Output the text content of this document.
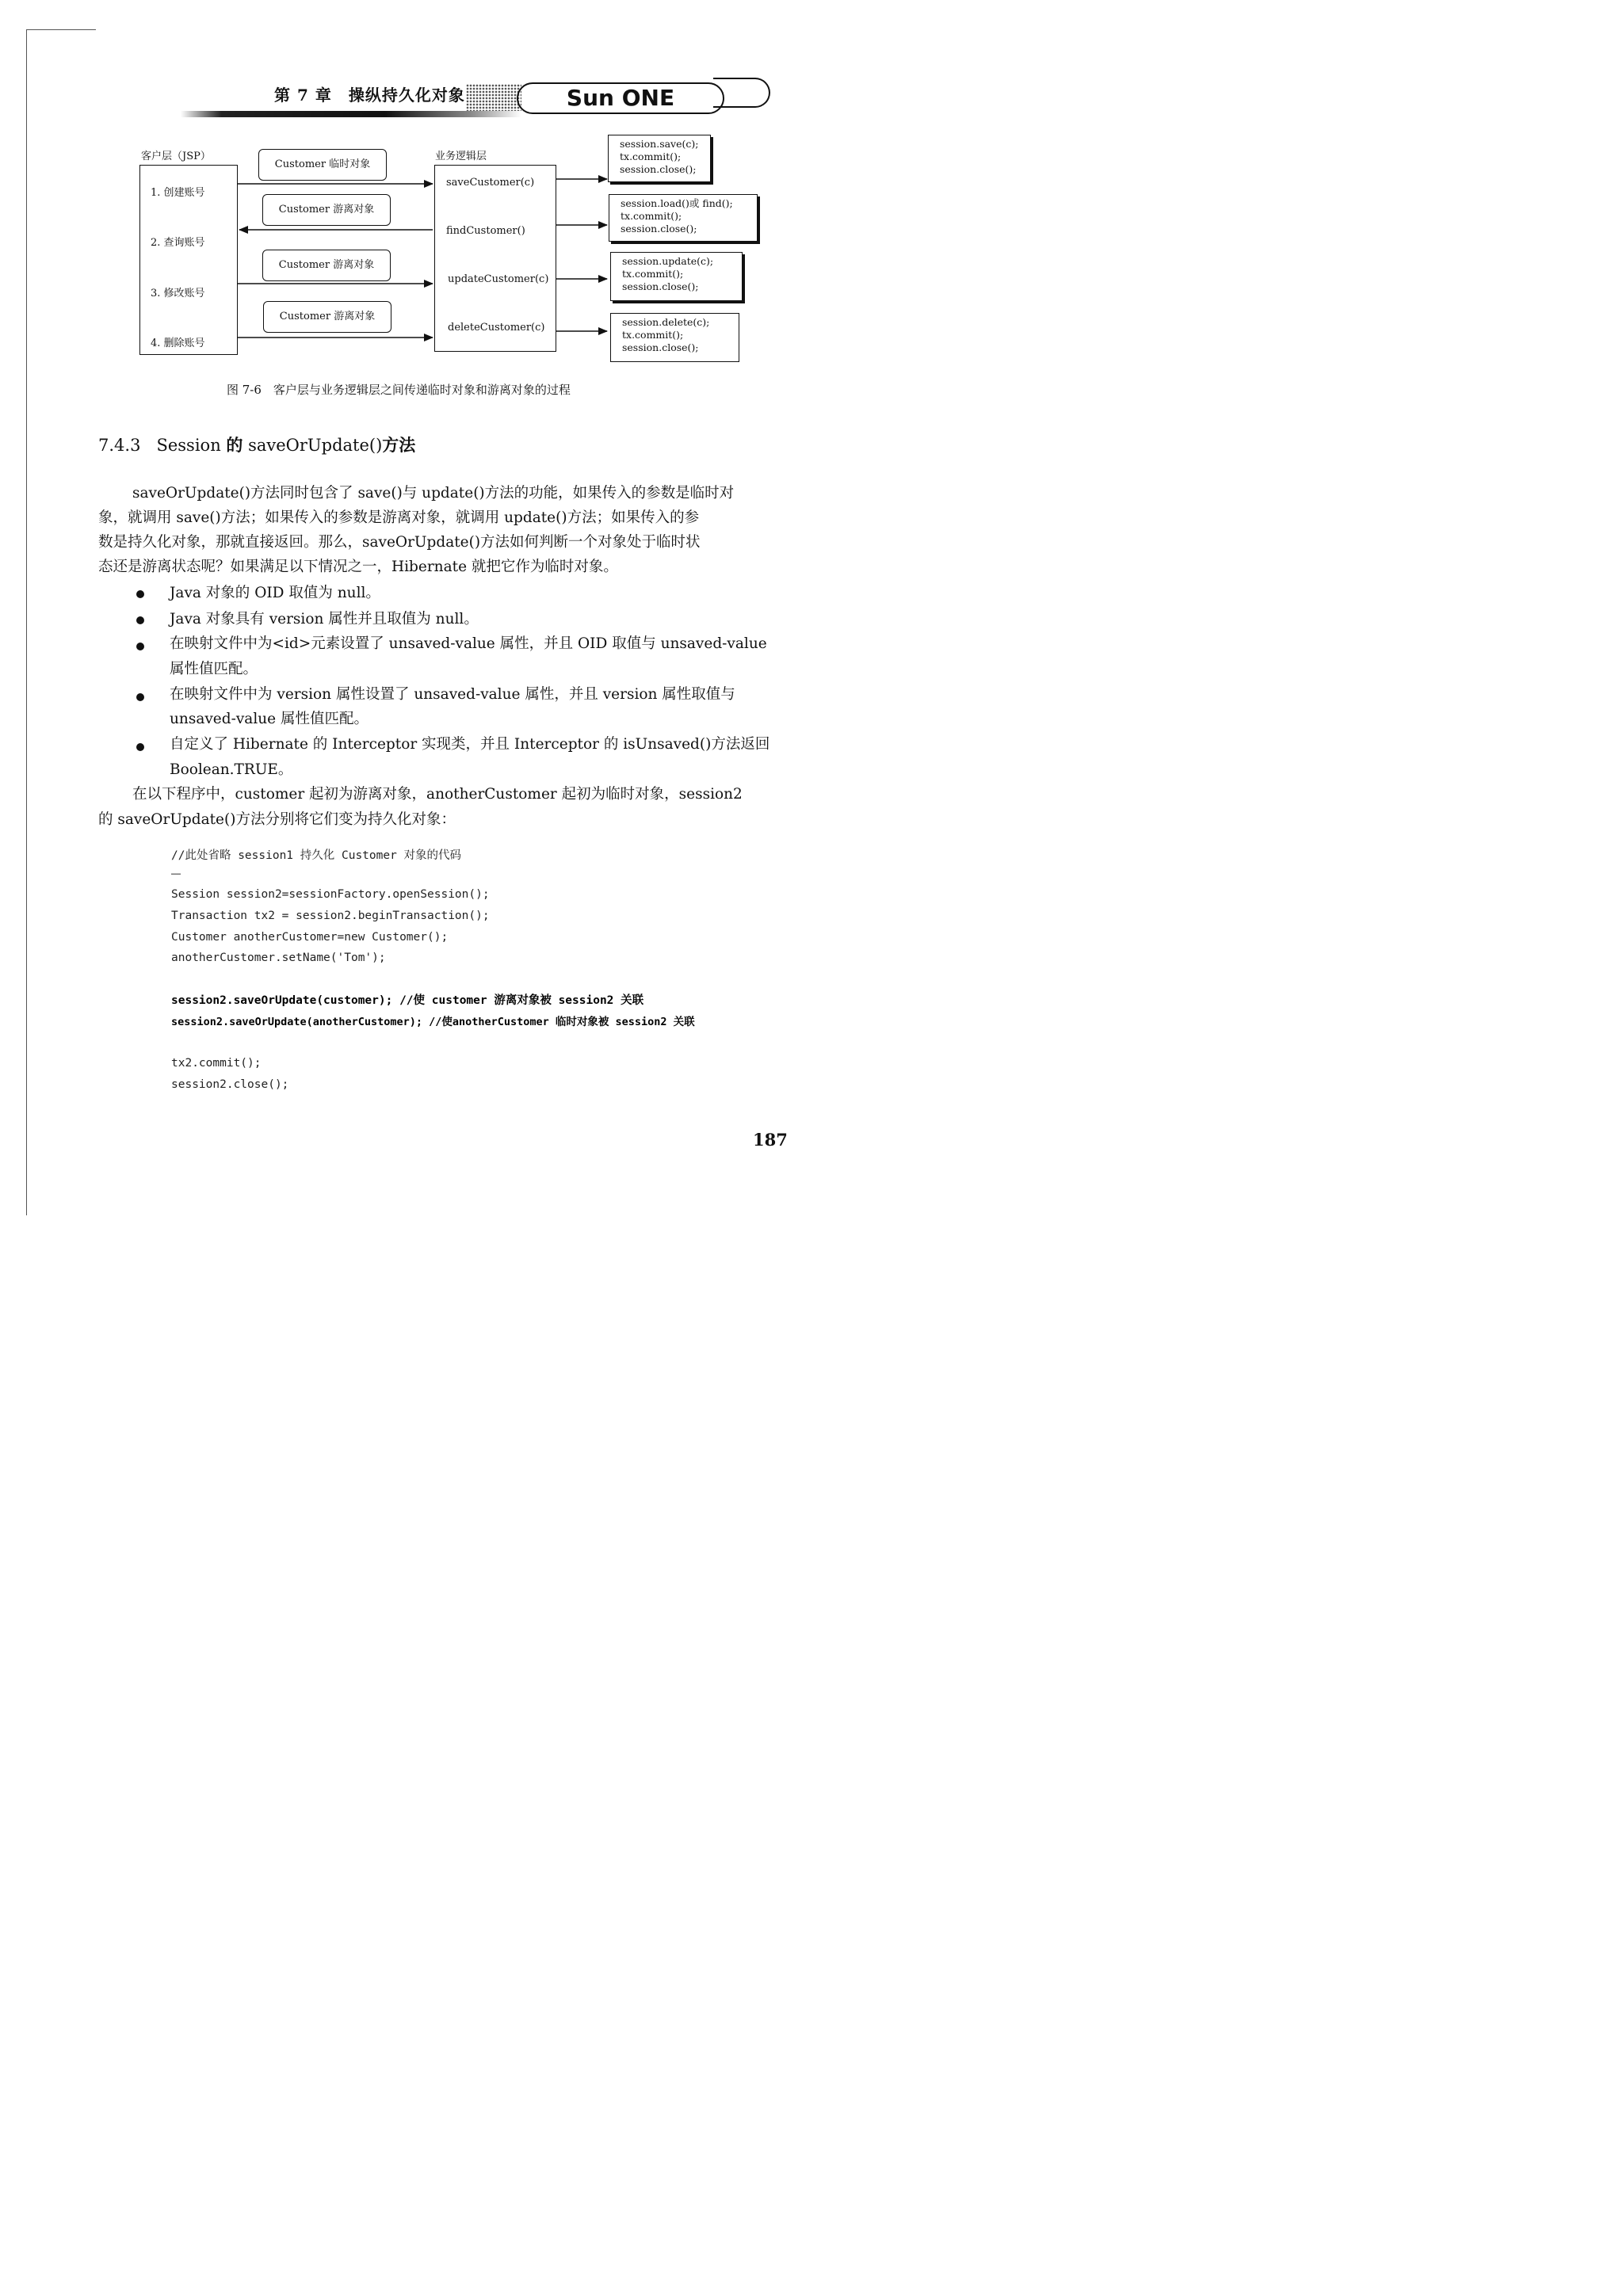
第 7 章　操纵持久化对象	Sun ONE
客户层（JSP）
1. 创建账号
2. 查询账号
3. 修改账号
4. 删除账号
Customer 临时对象
Customer 游离对象
Customer 游离对象
Customer 游离对象
业务逻辑层
saveCustomer(c)
findCustomer()
updateCustomer(c)
deleteCustomer(c)
session.save(c);
tx.commit();
session.close();
session.load()或 find();
tx.commit();
session.close();
session.update(c);
tx.commit();
session.close();
session.delete(c);
tx.commit();
session.close();
图 7-6　客户层与业务逻辑层之间传递临时对象和游离对象的过程
7.4.3 Session 的 saveOrUpdate()方法
saveOrUpdate()方法同时包含了 save()与 update()方法的功能，如果传入的参数是临时对
象，就调用 save()方法；如果传入的参数是游离对象，就调用 update()方法；如果传入的参
数是持久化对象，那就直接返回。那么，saveOrUpdate()方法如何判断一个对象处于临时状
态还是游离状态呢？如果满足以下情况之一，Hibernate 就把它作为临时对象。
Java 对象的 OID 取值为 null。
Java 对象具有 version 属性并且取值为 null。
在映射文件中为<id>元素设置了 unsaved-value 属性，并且 OID 取值与 unsaved-value
属性值匹配。
在映射文件中为 version 属性设置了 unsaved-value 属性，并且 version 属性取值与
unsaved-value 属性值匹配。
自定义了 Hibernate 的 Interceptor 实现类，并且 Interceptor 的 isUnsaved()方法返回
Boolean.TRUE。
在以下程序中，customer 起初为游离对象，anotherCustomer 起初为临时对象，session2
的 saveOrUpdate()方法分别将它们变为持久化对象：
//此处省略 session1 持久化 Customer 对象的代码
……
Session session2=sessionFactory.openSession();
Transaction tx2 = session2.beginTransaction();
Customer anotherCustomer=new Customer();
anotherCustomer.setName('Tom');
session2.saveOrUpdate(customer); //使 customer 游离对象被 session2 关联
session2.saveOrUpdate(anotherCustomer); //使anotherCustomer 临时对象被 session2 关联
tx2.commit();
session2.close();
187
